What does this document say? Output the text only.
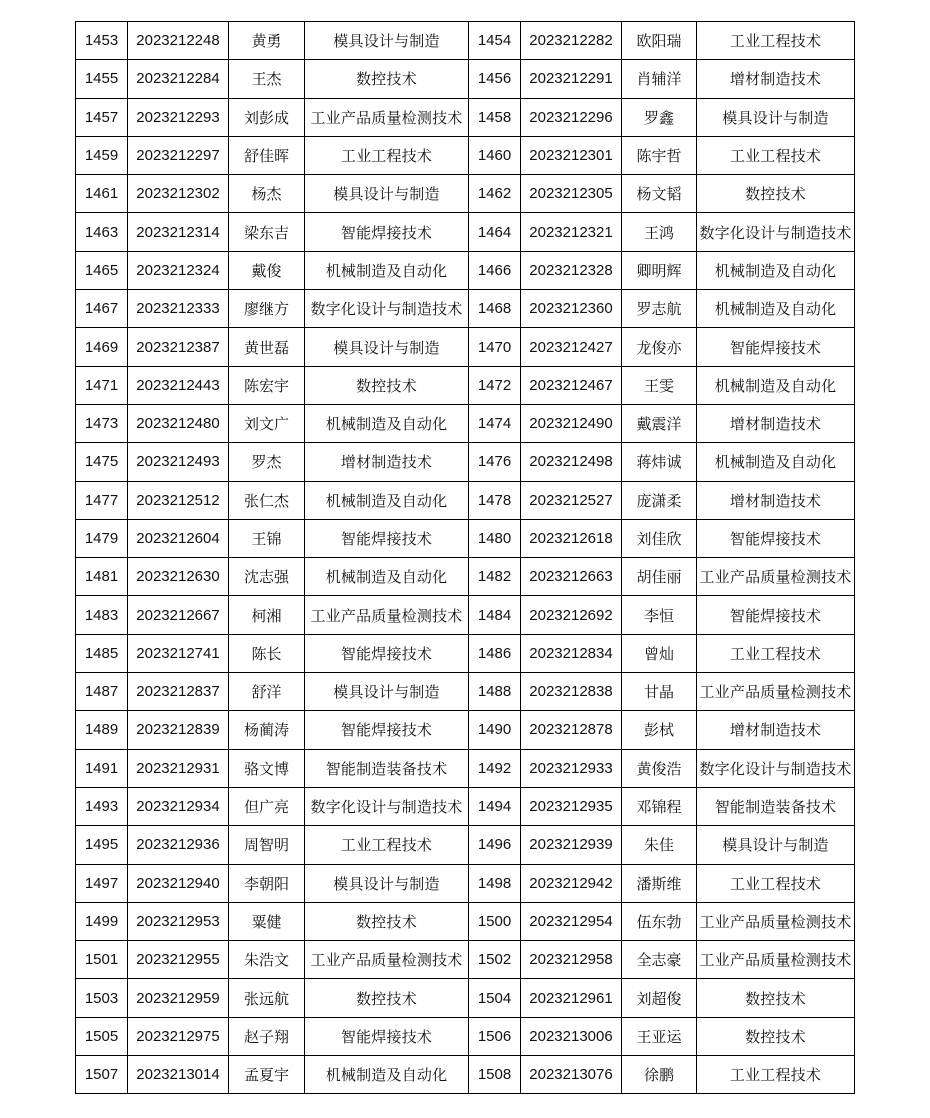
1453	2023212248	黄勇	模具设计与制造	1454	2023212282	欧阳瑞	工业工程技术
1455	2023212284	王杰	数控技术	1456	2023212291	肖辅洋	增材制造技术
1457	2023212293	刘彭成	工业产品质量检测技术	1458	2023212296	罗鑫	模具设计与制造
1459	2023212297	舒佳晖	工业工程技术	1460	2023212301	陈宇哲	工业工程技术
1461	2023212302	杨杰	模具设计与制造	1462	2023212305	杨文韬	数控技术
1463	2023212314	梁东吉	智能焊接技术	1464	2023212321	王鸿	数字化设计与制造技术
1465	2023212324	戴俊	机械制造及自动化	1466	2023212328	卿明辉	机械制造及自动化
1467	2023212333	廖继方	数字化设计与制造技术	1468	2023212360	罗志航	机械制造及自动化
1469	2023212387	黄世磊	模具设计与制造	1470	2023212427	龙俊亦	智能焊接技术
1471	2023212443	陈宏宇	数控技术	1472	2023212467	王雯	机械制造及自动化
1473	2023212480	刘文广	机械制造及自动化	1474	2023212490	戴震洋	增材制造技术
1475	2023212493	罗杰	增材制造技术	1476	2023212498	蒋炜诚	机械制造及自动化
1477	2023212512	张仁杰	机械制造及自动化	1478	2023212527	庞潇柔	增材制造技术
1479	2023212604	王锦	智能焊接技术	1480	2023212618	刘佳欣	智能焊接技术
1481	2023212630	沈志强	机械制造及自动化	1482	2023212663	胡佳丽	工业产品质量检测技术
1483	2023212667	柯湘	工业产品质量检测技术	1484	2023212692	李恒	智能焊接技术
1485	2023212741	陈长	智能焊接技术	1486	2023212834	曾灿	工业工程技术
1487	2023212837	舒洋	模具设计与制造	1488	2023212838	甘晶	工业产品质量检测技术
1489	2023212839	杨蔺涛	智能焊接技术	1490	2023212878	彭栻	增材制造技术
1491	2023212931	骆文博	智能制造装备技术	1492	2023212933	黄俊浩	数字化设计与制造技术
1493	2023212934	但广亮	数字化设计与制造技术	1494	2023212935	邓锦程	智能制造装备技术
1495	2023212936	周智明	工业工程技术	1496	2023212939	朱佳	模具设计与制造
1497	2023212940	李朝阳	模具设计与制造	1498	2023212942	潘斯维	工业工程技术
1499	2023212953	粟健	数控技术	1500	2023212954	伍东勃	工业产品质量检测技术
1501	2023212955	朱浩文	工业产品质量检测技术	1502	2023212958	全志豪	工业产品质量检测技术
1503	2023212959	张远航	数控技术	1504	2023212961	刘超俊	数控技术
1505	2023212975	赵子翔	智能焊接技术	1506	2023213006	王亚运	数控技术
1507	2023213014	孟夏宇	机械制造及自动化	1508	2023213076	徐鹏	工业工程技术
